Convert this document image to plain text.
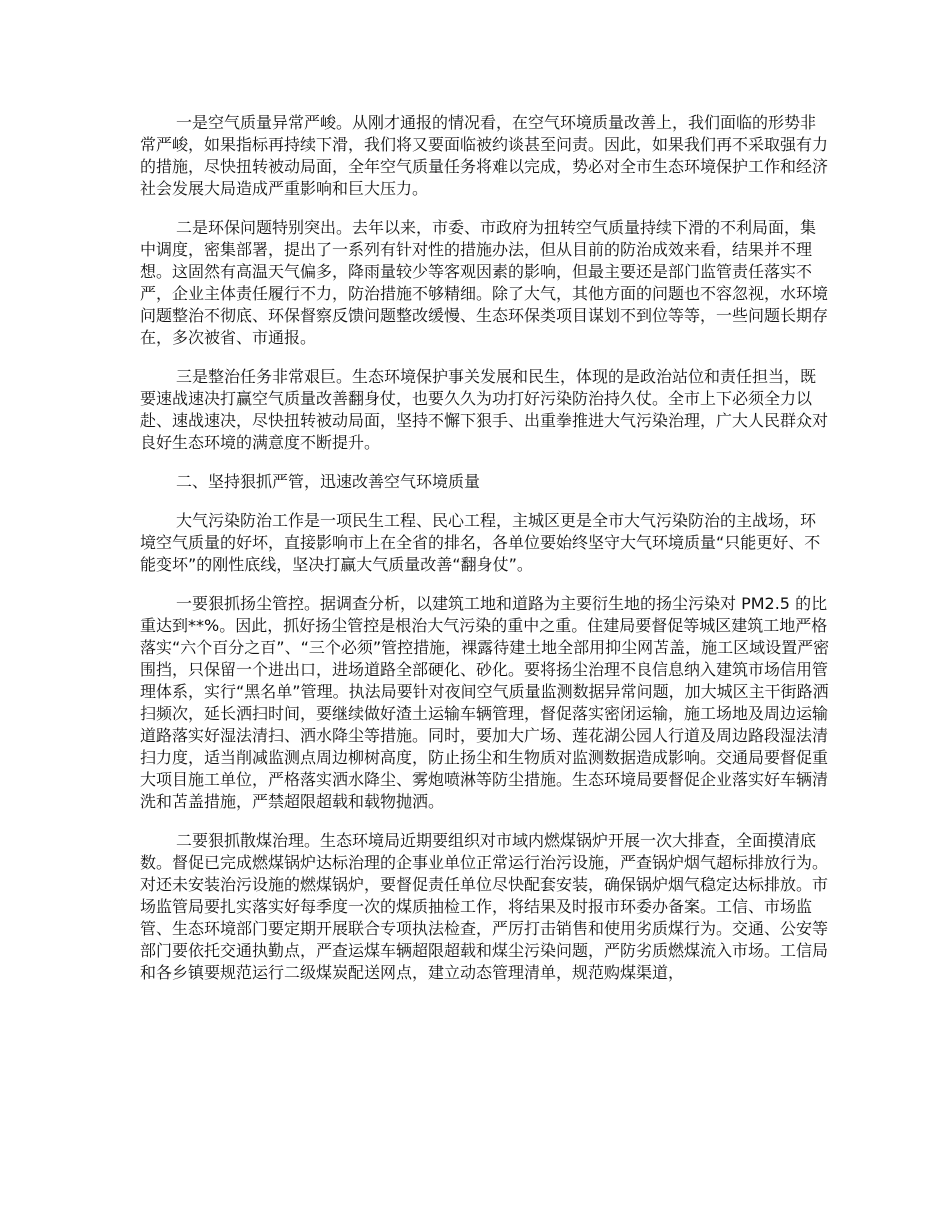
一是空气质量异常严峻。从刚才通报的情况看，在空气环境质量改善上，我们面临的形势非常严峻，如果指标再持续下滑，我们将又要面临被约谈甚至问责。因此，如果我们再不采取强有力的措施，尽快扭转被动局面，全年空气质量任务将难以完成，势必对全市生态环境保护工作和经济社会发展大局造成严重影响和巨大压力。

二是环保问题特别突出。去年以来，市委、市政府为扭转空气质量持续下滑的不利局面，集中调度，密集部署，提出了一系列有针对性的措施办法，但从目前的防治成效来看，结果并不理想。这固然有高温天气偏多，降雨量较少等客观因素的影响，但最主要还是部门监管责任落实不严，企业主体责任履行不力，防治措施不够精细。除了大气，其他方面的问题也不容忽视，水环境问题整治不彻底、环保督察反馈问题整改缓慢、生态环保类项目谋划不到位等等，一些问题长期存在，多次被省、市通报。

三是整治任务非常艰巨。生态环境保护事关发展和民生，体现的是政治站位和责任担当，既要速战速决打赢空气质量改善翻身仗，也要久久为功打好污染防治持久仗。全市上下必须全力以赴、速战速决，尽快扭转被动局面，坚持不懈下狠手、出重拳推进大气污染治理，广大人民群众对良好生态环境的满意度不断提升。

二、坚持狠抓严管，迅速改善空气环境质量

大气污染防治工作是一项民生工程、民心工程，主城区更是全市大气污染防治的主战场，环境空气质量的好坏，直接影响市上在全省的排名，各单位要始终坚守大气环境质量“只能更好、不能变坏”的刚性底线，坚决打赢大气质量改善“翻身仗”。

一要狠抓扬尘管控。据调查分析，以建筑工地和道路为主要衍生地的扬尘污染对 PM2.5 的比重达到**%。因此，抓好扬尘管控是根治大气污染的重中之重。住建局要督促等城区建筑工地严格落实“六个百分之百”、“三个必须”管控措施，裸露待建土地全部用抑尘网苫盖，施工区域设置严密围挡，只保留一个进出口，进场道路全部硬化、砂化。要将扬尘治理不良信息纳入建筑市场信用管理体系，实行“黑名单”管理。执法局要针对夜间空气质量监测数据异常问题，加大城区主干街路洒扫频次，延长洒扫时间，要继续做好渣土运输车辆管理，督促落实密闭运输，施工场地及周边运输道路落实好湿法清扫、洒水降尘等措施。同时，要加大广场、莲花湖公园人行道及周边路段湿法清扫力度，适当削减监测点周边柳树高度，防止扬尘和生物质对监测数据造成影响。交通局要督促重大项目施工单位，严格落实洒水降尘、雾炮喷淋等防尘措施。生态环境局要督促企业落实好车辆清洗和苫盖措施，严禁超限超载和载物抛洒。

二要狠抓散煤治理。生态环境局近期要组织对市域内燃煤锅炉开展一次大排查，全面摸清底数。督促已完成燃煤锅炉达标治理的企事业单位正常运行治污设施，严查锅炉烟气超标排放行为。对还未安装治污设施的燃煤锅炉，要督促责任单位尽快配套安装，确保锅炉烟气稳定达标排放。市场监管局要扎实落实好每季度一次的煤质抽检工作，将结果及时报市环委办备案。工信、市场监管、生态环境部门要定期开展联合专项执法检查，严厉打击销售和使用劣质煤行为。交通、公安等部门要依托交通执勤点，严查运煤车辆超限超载和煤尘污染问题，严防劣质燃煤流入市场。工信局和各乡镇要规范运行二级煤炭配送网点，建立动态管理清单，规范购煤渠道，
